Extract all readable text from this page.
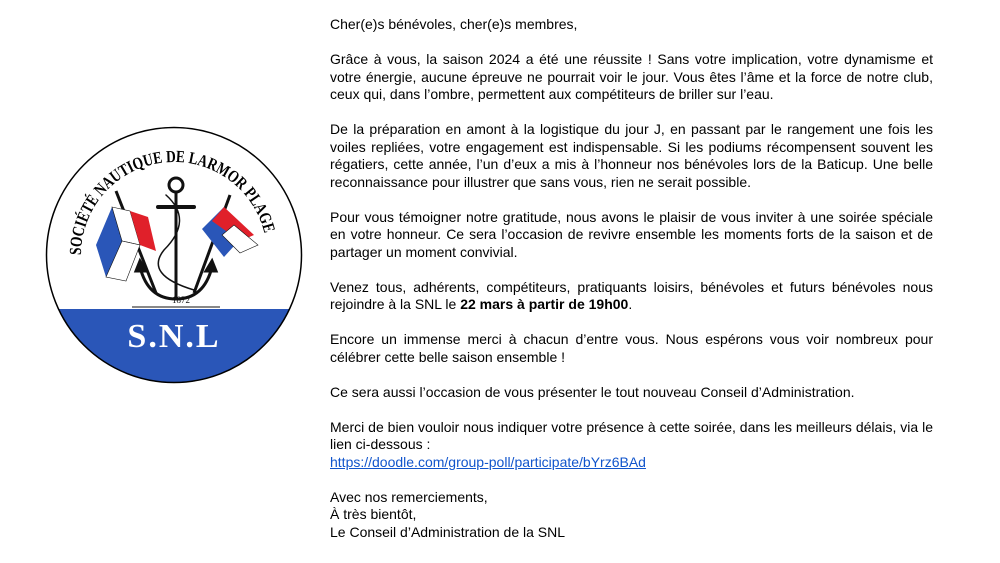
SOCIÉTÉ NAUTIQUE DE LARMOR PLAGE
1872
S.N.L

Cher(e)s bénévoles, cher(e)s membres,

Grâce à vous, la saison 2024 a été une réussite ! Sans votre implication, votre dynamisme et votre énergie, aucune épreuve ne pourrait voir le jour. Vous êtes l’âme et la force de notre club, ceux qui, dans l’ombre, permettent aux compétiteurs de briller sur l’eau.

De la préparation en amont à la logistique du jour J, en passant par le rangement une fois les voiles repliées, votre engagement est indispensable. Si les podiums récompensent souvent les régatiers, cette année, l’un d’eux a mis à l’honneur nos bénévoles lors de la Baticup. Une belle reconnaissance pour illustrer que sans vous, rien ne serait possible.

Pour vous témoigner notre gratitude, nous avons le plaisir de vous inviter à une soirée spéciale en votre honneur. Ce sera l’occasion de revivre ensemble les moments forts de la saison et de partager un moment convivial.

Venez tous, adhérents, compétiteurs, pratiquants loisirs, bénévoles et futurs bénévoles nous rejoindre à la SNL le 22 mars à partir de 19h00.

Encore un immense merci à chacun d’entre vous. Nous espérons vous voir nombreux pour célébrer cette belle saison ensemble !

Ce sera aussi l’occasion de vous présenter le tout nouveau Conseil d’Administration.

Merci de bien vouloir nous indiquer votre présence à cette soirée, dans les meilleurs délais, via le lien ci-dessous :
https://doodle.com/group-poll/participate/bYrz6BAd

Avec nos remerciements,

À très bientôt,

Le Conseil d’Administration de la SNL
